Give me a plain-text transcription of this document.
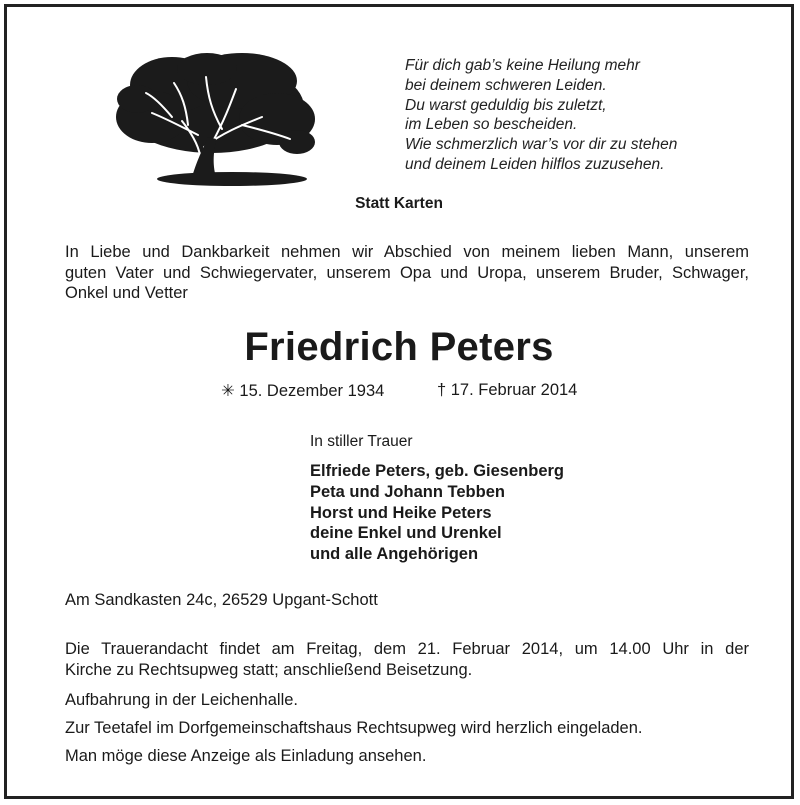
Für dich gab’s keine Heilung mehr
bei deinem schweren Leiden.
Du warst geduldig bis zuletzt,
im Leben so bescheiden.
Wie schmerzlich war’s vor dir zu stehen
und deinem Leiden hilflos zuzusehen.
Statt Karten
In Liebe und Dankbarkeit nehmen wir Abschied von meinem lieben Mann, unserem
guten Vater und Schwiegervater, unserem Opa und Uropa, unserem Bruder, Schwager,
Onkel und Vetter
Friedrich Peters
✳ 15. Dezember 1934	† 17. Februar 2014
In stiller Trauer
Elfriede Peters, geb. Giesenberg
Peta und Johann Tebben
Horst und Heike Peters
deine Enkel und Urenkel
und alle Angehörigen
Am Sandkasten 24c, 26529 Upgant-Schott
Die Trauerandacht findet am Freitag, dem 21. Februar 2014, um 14.00 Uhr in der
Kirche zu Rechtsupweg statt; anschließend Beisetzung.
Aufbahrung in der Leichenhalle.
Zur Teetafel im Dorfgemeinschaftshaus Rechtsupweg wird herzlich eingeladen.
Man möge diese Anzeige als Einladung ansehen.
